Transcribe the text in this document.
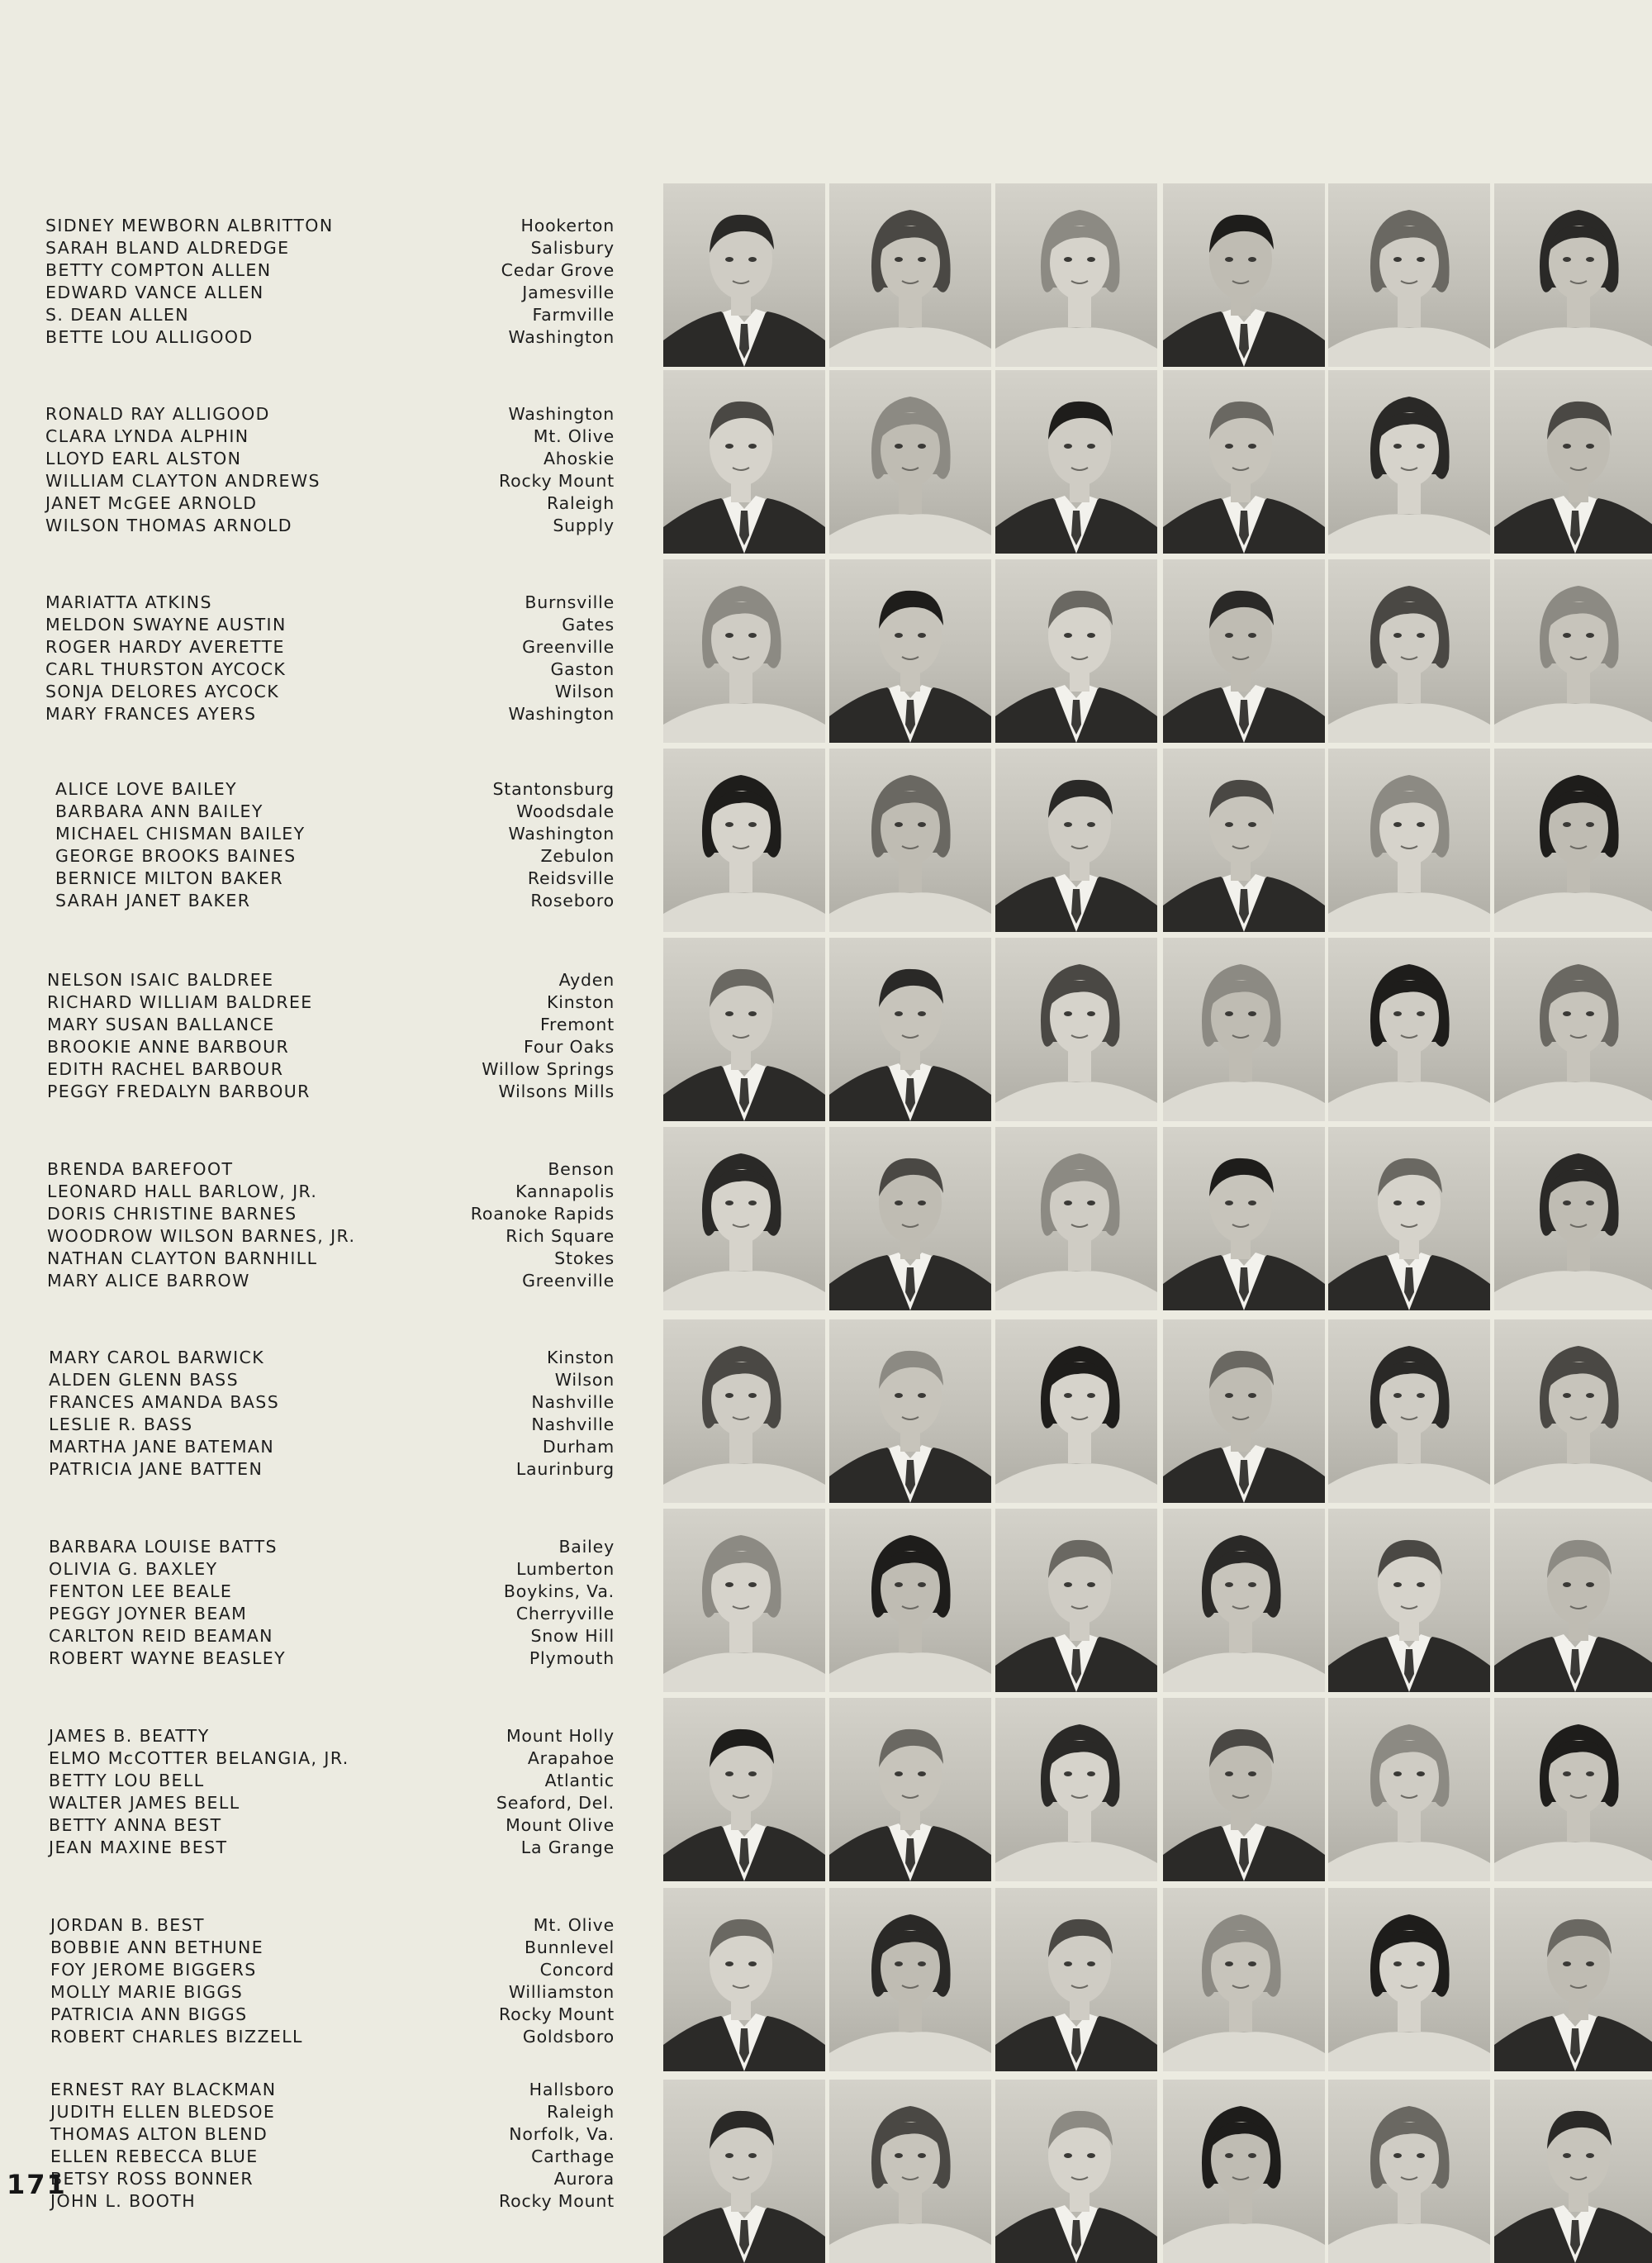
SIDNEY MEWBORN ALBRITTON
SARAH BLAND ALDREDGE
BETTY COMPTON ALLEN
EDWARD VANCE ALLEN
S. DEAN ALLEN
BETTE LOU ALLIGOOD
Hookerton
Salisbury
Cedar Grove
Jamesville
Farmville
Washington
RONALD RAY ALLIGOOD
CLARA LYNDA ALPHIN
LLOYD EARL ALSTON
WILLIAM CLAYTON ANDREWS
JANET McGEE ARNOLD
WILSON THOMAS ARNOLD
Washington
Mt. Olive
Ahoskie
Rocky Mount
Raleigh
Supply
MARIATTA ATKINS
MELDON SWAYNE AUSTIN
ROGER HARDY AVERETTE
CARL THURSTON AYCOCK
SONJA DELORES AYCOCK
MARY FRANCES AYERS
Burnsville
Gates
Greenville
Gaston
Wilson
Washington
ALICE LOVE BAILEY
BARBARA ANN BAILEY
MICHAEL CHISMAN BAILEY
GEORGE BROOKS BAINES
BERNICE MILTON BAKER
SARAH JANET BAKER
Stantonsburg
Woodsdale
Washington
Zebulon
Reidsville
Roseboro
NELSON ISAIC BALDREE
RICHARD WILLIAM BALDREE
MARY SUSAN BALLANCE
BROOKIE ANNE BARBOUR
EDITH RACHEL BARBOUR
PEGGY FREDALYN BARBOUR
Ayden
Kinston
Fremont
Four Oaks
Willow Springs
Wilsons Mills
BRENDA BAREFOOT
LEONARD HALL BARLOW, JR.
DORIS CHRISTINE BARNES
WOODROW WILSON BARNES, JR.
NATHAN CLAYTON BARNHILL
MARY ALICE BARROW
Benson
Kannapolis
Roanoke Rapids
Rich Square
Stokes
Greenville
MARY CAROL BARWICK
ALDEN GLENN BASS
FRANCES AMANDA BASS
LESLIE R. BASS
MARTHA JANE BATEMAN
PATRICIA JANE BATTEN
Kinston
Wilson
Nashville
Nashville
Durham
Laurinburg
BARBARA LOUISE BATTS
OLIVIA G. BAXLEY
FENTON LEE BEALE
PEGGY JOYNER BEAM
CARLTON REID BEAMAN
ROBERT WAYNE BEASLEY
Bailey
Lumberton
Boykins, Va.
Cherryville
Snow Hill
Plymouth
JAMES B. BEATTY
ELMO McCOTTER BELANGIA, JR.
BETTY LOU BELL
WALTER JAMES BELL
BETTY ANNA BEST
JEAN MAXINE BEST
Mount Holly
Arapahoe
Atlantic
Seaford, Del.
Mount Olive
La Grange
JORDAN B. BEST
BOBBIE ANN BETHUNE
FOY JEROME BIGGERS
MOLLY MARIE BIGGS
PATRICIA ANN BIGGS
ROBERT CHARLES BIZZELL
Mt. Olive
Bunnlevel
Concord
Williamston
Rocky Mount
Goldsboro
ERNEST RAY BLACKMAN
JUDITH ELLEN BLEDSOE
THOMAS ALTON BLEND
ELLEN REBECCA BLUE
BETSY ROSS BONNER
JOHN L. BOOTH
Hallsboro
Raleigh
Norfolk, Va.
Carthage
Aurora
Rocky Mount
171
